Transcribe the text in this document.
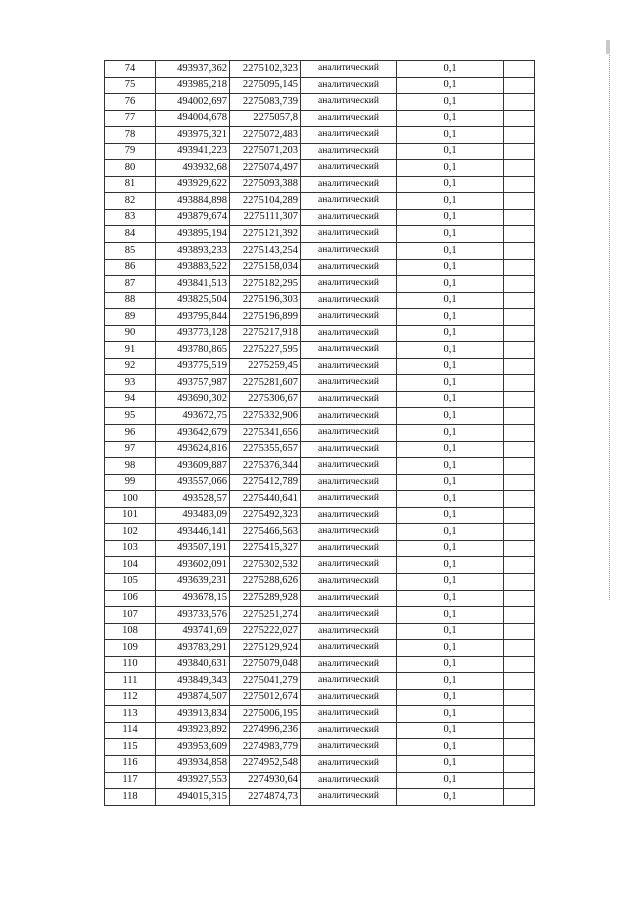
74	493937,362	2275102,323	аналитический	0,1	
75	493985,218	2275095,145	аналитический	0,1	
76	494002,697	2275083,739	аналитический	0,1	
77	494004,678	2275057,8	аналитический	0,1	
78	493975,321	2275072,483	аналитический	0,1	
79	493941,223	2275071,203	аналитический	0,1	
80	493932,68	2275074,497	аналитический	0,1	
81	493929,622	2275093,388	аналитический	0,1	
82	493884,898	2275104,289	аналитический	0,1	
83	493879,674	2275111,307	аналитический	0,1	
84	493895,194	2275121,392	аналитический	0,1	
85	493893,233	2275143,254	аналитический	0,1	
86	493883,522	2275158,034	аналитический	0,1	
87	493841,513	2275182,295	аналитический	0,1	
88	493825,504	2275196,303	аналитический	0,1	
89	493795,844	2275196,899	аналитический	0,1	
90	493773,128	2275217,918	аналитический	0,1	
91	493780,865	2275227,595	аналитический	0,1	
92	493775,519	2275259,45	аналитический	0,1	
93	493757,987	2275281,607	аналитический	0,1	
94	493690,302	2275306,67	аналитический	0,1	
95	493672,75	2275332,906	аналитический	0,1	
96	493642,679	2275341,656	аналитический	0,1	
97	493624,816	2275355,657	аналитический	0,1	
98	493609,887	2275376,344	аналитический	0,1	
99	493557,066	2275412,789	аналитический	0,1	
100	493528,57	2275440,641	аналитический	0,1	
101	493483,09	2275492,323	аналитический	0,1	
102	493446,141	2275466,563	аналитический	0,1	
103	493507,191	2275415,327	аналитический	0,1	
104	493602,091	2275302,532	аналитический	0,1	
105	493639,231	2275288,626	аналитический	0,1	
106	493678,15	2275289,928	аналитический	0,1	
107	493733,576	2275251,274	аналитический	0,1	
108	493741,69	2275222,027	аналитический	0,1	
109	493783,291	2275129,924	аналитический	0,1	
110	493840,631	2275079,048	аналитический	0,1	
111	493849,343	2275041,279	аналитический	0,1	
112	493874,507	2275012,674	аналитический	0,1	
113	493913,834	2275006,195	аналитический	0,1	
114	493923,892	2274996,236	аналитический	0,1	
115	493953,609	2274983,779	аналитический	0,1	
116	493934,858	2274952,548	аналитический	0,1	
117	493927,553	2274930,64	аналитический	0,1	
118	494015,315	2274874,73	аналитический	0,1	
